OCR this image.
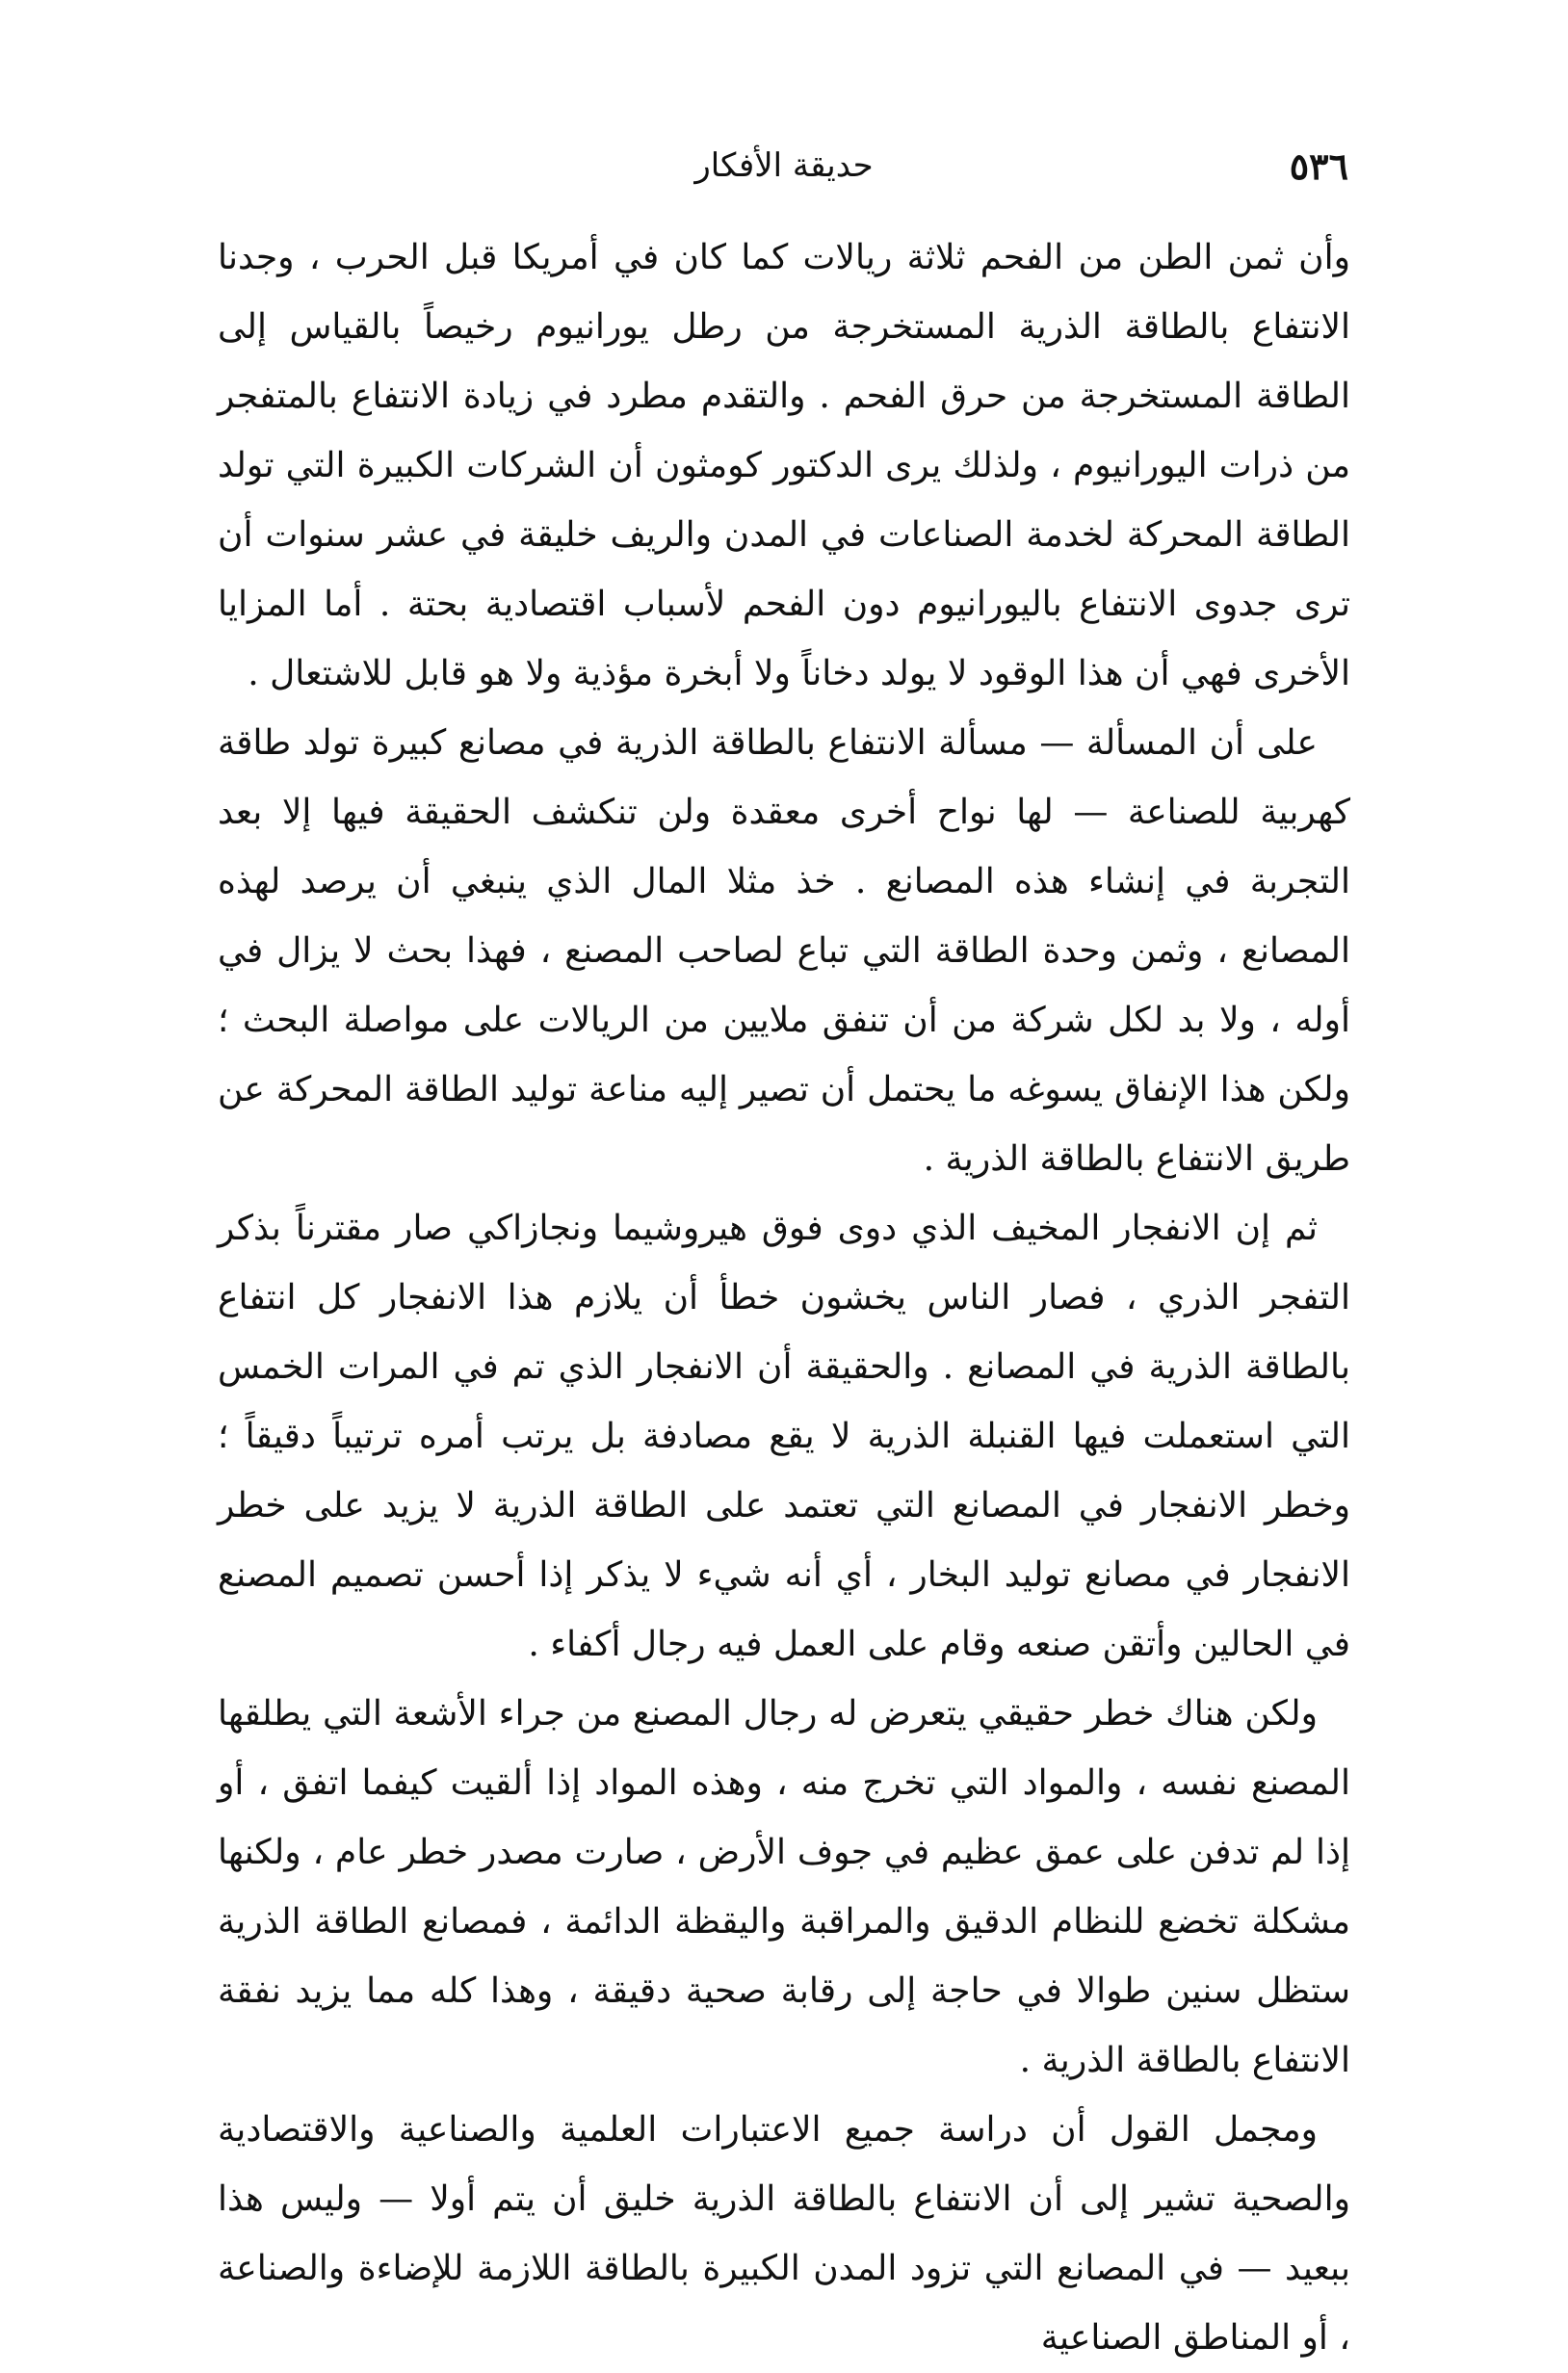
٥٣٦
حديقة الأفكار

وأن ثمن الطن من الفحم ثلاثة ريالات كما كان في أمريكا قبل الحرب ، وجدنا الانتفاع بالطاقة الذرية المستخرجة من رطل يورانيوم رخيصاً بالقياس إلى الطاقة المستخرجة من حرق الفحم . والتقدم مطرد في زيادة الانتفاع بالمتفجر من ذرات اليورانيوم ، ولذلك يرى الدكتور كومثون أن الشركات الكبيرة التي تولد الطاقة المحركة لخدمة الصناعات في المدن والريف خليقة في عشر سنوات أن ترى جدوى الانتفاع باليورانيوم دون الفحم لأسباب اقتصادية بحتة . أما المزايا الأخرى فهي أن هذا الوقود لا يولد دخاناً ولا أبخرة مؤذية ولا هو قابل للاشتعال .

على أن المسألة — مسألة الانتفاع بالطاقة الذرية في مصانع كبيرة تولد طاقة كهربية للصناعة — لها نواح أخرى معقدة ولن تنكشف الحقيقة فيها إلا بعد التجربة في إنشاء هذه المصانع . خذ مثلا المال الذي ينبغي أن يرصد لهذه المصانع ، وثمن وحدة الطاقة التي تباع لصاحب المصنع ، فهذا بحث لا يزال في أوله ، ولا بد لكل شركة من أن تنفق ملايين من الريالات على مواصلة البحث ؛ ولكن هذا الإنفاق يسوغه ما يحتمل أن تصير إليه مناعة توليد الطاقة المحركة عن طريق الانتفاع بالطاقة الذرية .

ثم إن الانفجار المخيف الذي دوى فوق هيروشيما ونجازاكي صار مقترناً بذكر التفجر الذري ، فصار الناس يخشون خطأ أن يلازم هذا الانفجار كل انتفاع بالطاقة الذرية في المصانع . والحقيقة أن الانفجار الذي تم في المرات الخمس التي استعملت فيها القنبلة الذرية لا يقع مصادفة بل يرتب أمره ترتيباً دقيقاً ؛ وخطر الانفجار في المصانع التي تعتمد على الطاقة الذرية لا يزيد على خطر الانفجار في مصانع توليد البخار ، أي أنه شيء لا يذكر إذا أحسن تصميم المصنع في الحالين وأتقن صنعه وقام على العمل فيه رجال أكفاء .

ولكن هناك خطر حقيقي يتعرض له رجال المصنع من جراء الأشعة التي يطلقها المصنع نفسه ، والمواد التي تخرج منه ، وهذه المواد إذا ألقيت كيفما اتفق ، أو إذا لم تدفن على عمق عظيم في جوف الأرض ، صارت مصدر خطر عام ، ولكنها مشكلة تخضع للنظام الدقيق والمراقبة واليقظة الدائمة ، فمصانع الطاقة الذرية ستظل سنين طوالا في حاجة إلى رقابة صحية دقيقة ، وهذا كله مما يزيد نفقة الانتفاع بالطاقة الذرية .

ومجمل القول أن دراسة جميع الاعتبارات العلمية والصناعية والاقتصادية والصحية تشير إلى أن الانتفاع بالطاقة الذرية خليق أن يتم أولا — وليس هذا ببعيد — في المصانع التي تزود المدن الكبيرة بالطاقة اللازمة للإضاءة والصناعة ، أو المناطق الصناعية
